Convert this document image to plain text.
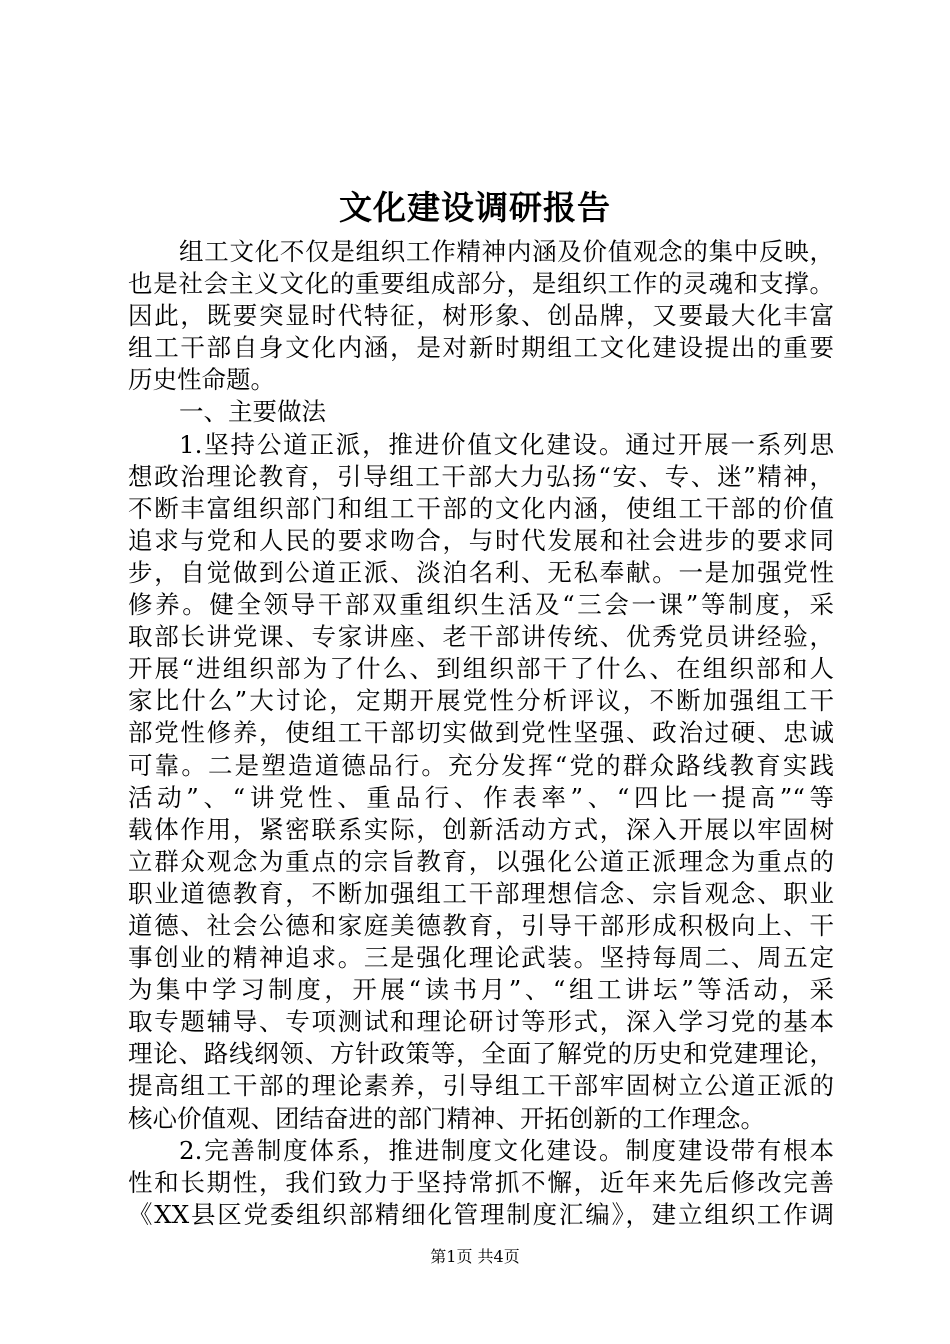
文化建设调研报告
组工文化不仅是组织工作精神内涵及价值观念的集中反映，
也是社会主义文化的重要组成部分，是组织工作的灵魂和支撑。
因此，既要突显时代特征，树形象、创品牌，又要最大化丰富
组工干部自身文化内涵，是对新时期组工文化建设提出的重要
历史性命题。
一、主要做法
1.坚持公道正派，推进价值文化建设。通过开展一系列思
想政治理论教育，引导组工干部大力弘扬“安、专、迷”精神，
不断丰富组织部门和组工干部的文化内涵，使组工干部的价值
追求与党和人民的要求吻合，与时代发展和社会进步的要求同
步，自觉做到公道正派、淡泊名利、无私奉献。一是加强党性
修养。健全领导干部双重组织生活及“三会一课”等制度，采
取部长讲党课、专家讲座、老干部讲传统、优秀党员讲经验，
开展“进组织部为了什么、到组织部干了什么、在组织部和人
家比什么”大讨论，定期开展党性分析评议，不断加强组工干
部党性修养，使组工干部切实做到党性坚强、政治过硬、忠诚
可靠。二是塑造道德品行。充分发挥“党的群众路线教育实践
活动”、“讲党性、重品行、作表率”、“四比一提高”“等
载体作用，紧密联系实际，创新活动方式，深入开展以牢固树
立群众观念为重点的宗旨教育，以强化公道正派理念为重点的
职业道德教育，不断加强组工干部理想信念、宗旨观念、职业
道德、社会公德和家庭美德教育，引导干部形成积极向上、干
事创业的精神追求。三是强化理论武装。坚持每周二、周五定
为集中学习制度，开展“读书月”、“组工讲坛”等活动，采
取专题辅导、专项测试和理论研讨等形式，深入学习党的基本
理论、路线纲领、方针政策等，全面了解党的历史和党建理论，
提高组工干部的理论素养，引导组工干部牢固树立公道正派的
核心价值观、团结奋进的部门精神、开拓创新的工作理念。
2.完善制度体系，推进制度文化建设。制度建设带有根本
性和长期性，我们致力于坚持常抓不懈，近年来先后修改完善
《XX县区党委组织部精细化管理制度汇编》，建立组织工作调
第1页 共4页
